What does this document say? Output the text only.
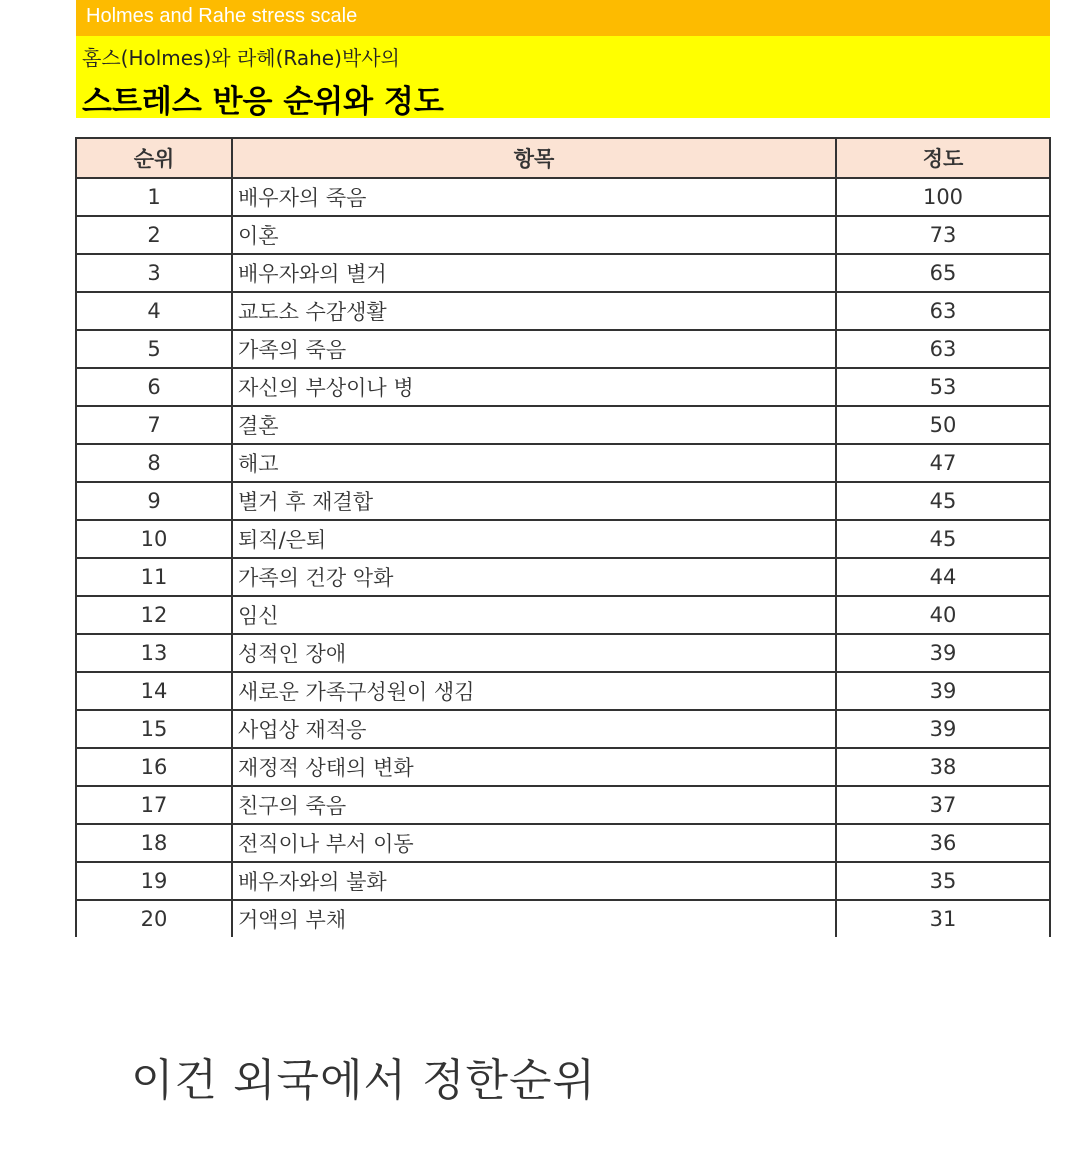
Holmes and Rahe stress scale
홈스(Holmes)와 라헤(Rahe)박사의
스트레스 반응 순위와 정도
순위	항목	정도
1	배우자의 죽음	100
2	이혼	73
3	배우자와의 별거	65
4	교도소 수감생활	63
5	가족의 죽음	63
6	자신의 부상이나 병	53
7	결혼	50
8	해고	47
9	별거 후 재결합	45
10	퇴직/은퇴	45
11	가족의 건강 악화	44
12	임신	40
13	성적인 장애	39
14	새로운 가족구성원이 생김	39
15	사업상 재적응	39
16	재정적 상태의 변화	38
17	친구의 죽음	37
18	전직이나 부서 이동	36
19	배우자와의 불화	35
20	거액의 부채	31
이건 외국에서 정한순위
